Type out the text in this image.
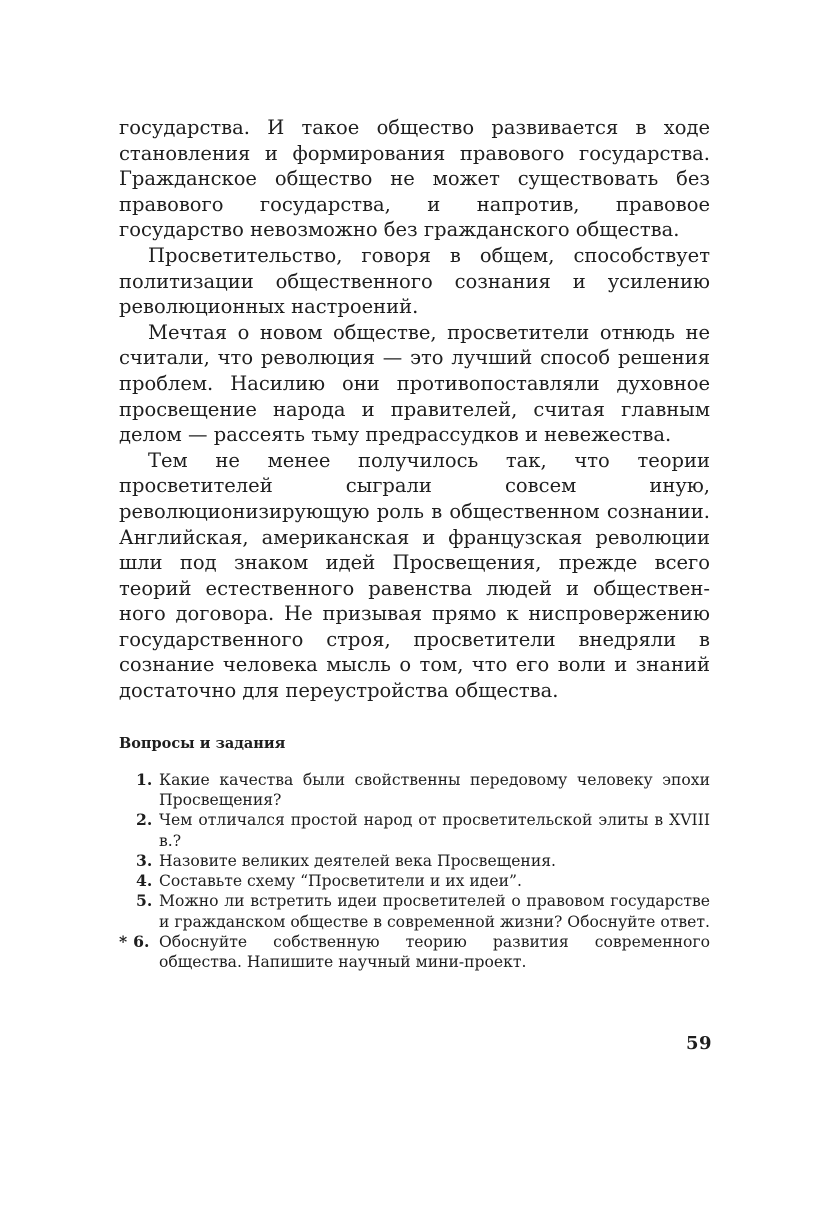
государства. И такое общество развивается в ходе становления и формирования правового государства. Гражданское общество не может существовать без правового государства, и напротив, правовое государство невозможно без гражданского общества.

Просветительство, говоря в общем, способствует политизации общественного сознания и усилению революционных настроений.

Мечтая о новом обществе, просветители отнюдь не считали, что революция — это лучший способ решения проблем. Насилию они противопоставляли духовное просвещение народа и правителей, считая главным делом — рассеять тьму предрассудков и невежества.

Тем не менее получилось так, что теории просветителей сыграли совсем иную, революционизирующую роль в общественном сознании. Английская, американская и французская революции шли под знаком идей Просвещения, прежде всего теорий естественного равенства людей и общественного договора. Не призывая прямо к ниспровержению государственного строя, просветители внедряли в сознание человека мысль о том, что его воли и знаний достаточно для переустройства общества.

Вопросы и задания
1. Какие качества были свойственны передовому человеку эпохи Просвещения?
2. Чем отличался простой народ от просветительской элиты в XVIII в.?
3. Назовите великих деятелей века Просвещения.
4. Составьте схему “Просветители и их идеи”.
5. Можно ли встретить идеи просветителей о правовом государстве и гражданском обществе в современной жизни? Обоснуйте ответ.
* 6. Обоснуйте собственную теорию развития современного общества. Напишите научный мини-проект.
59
